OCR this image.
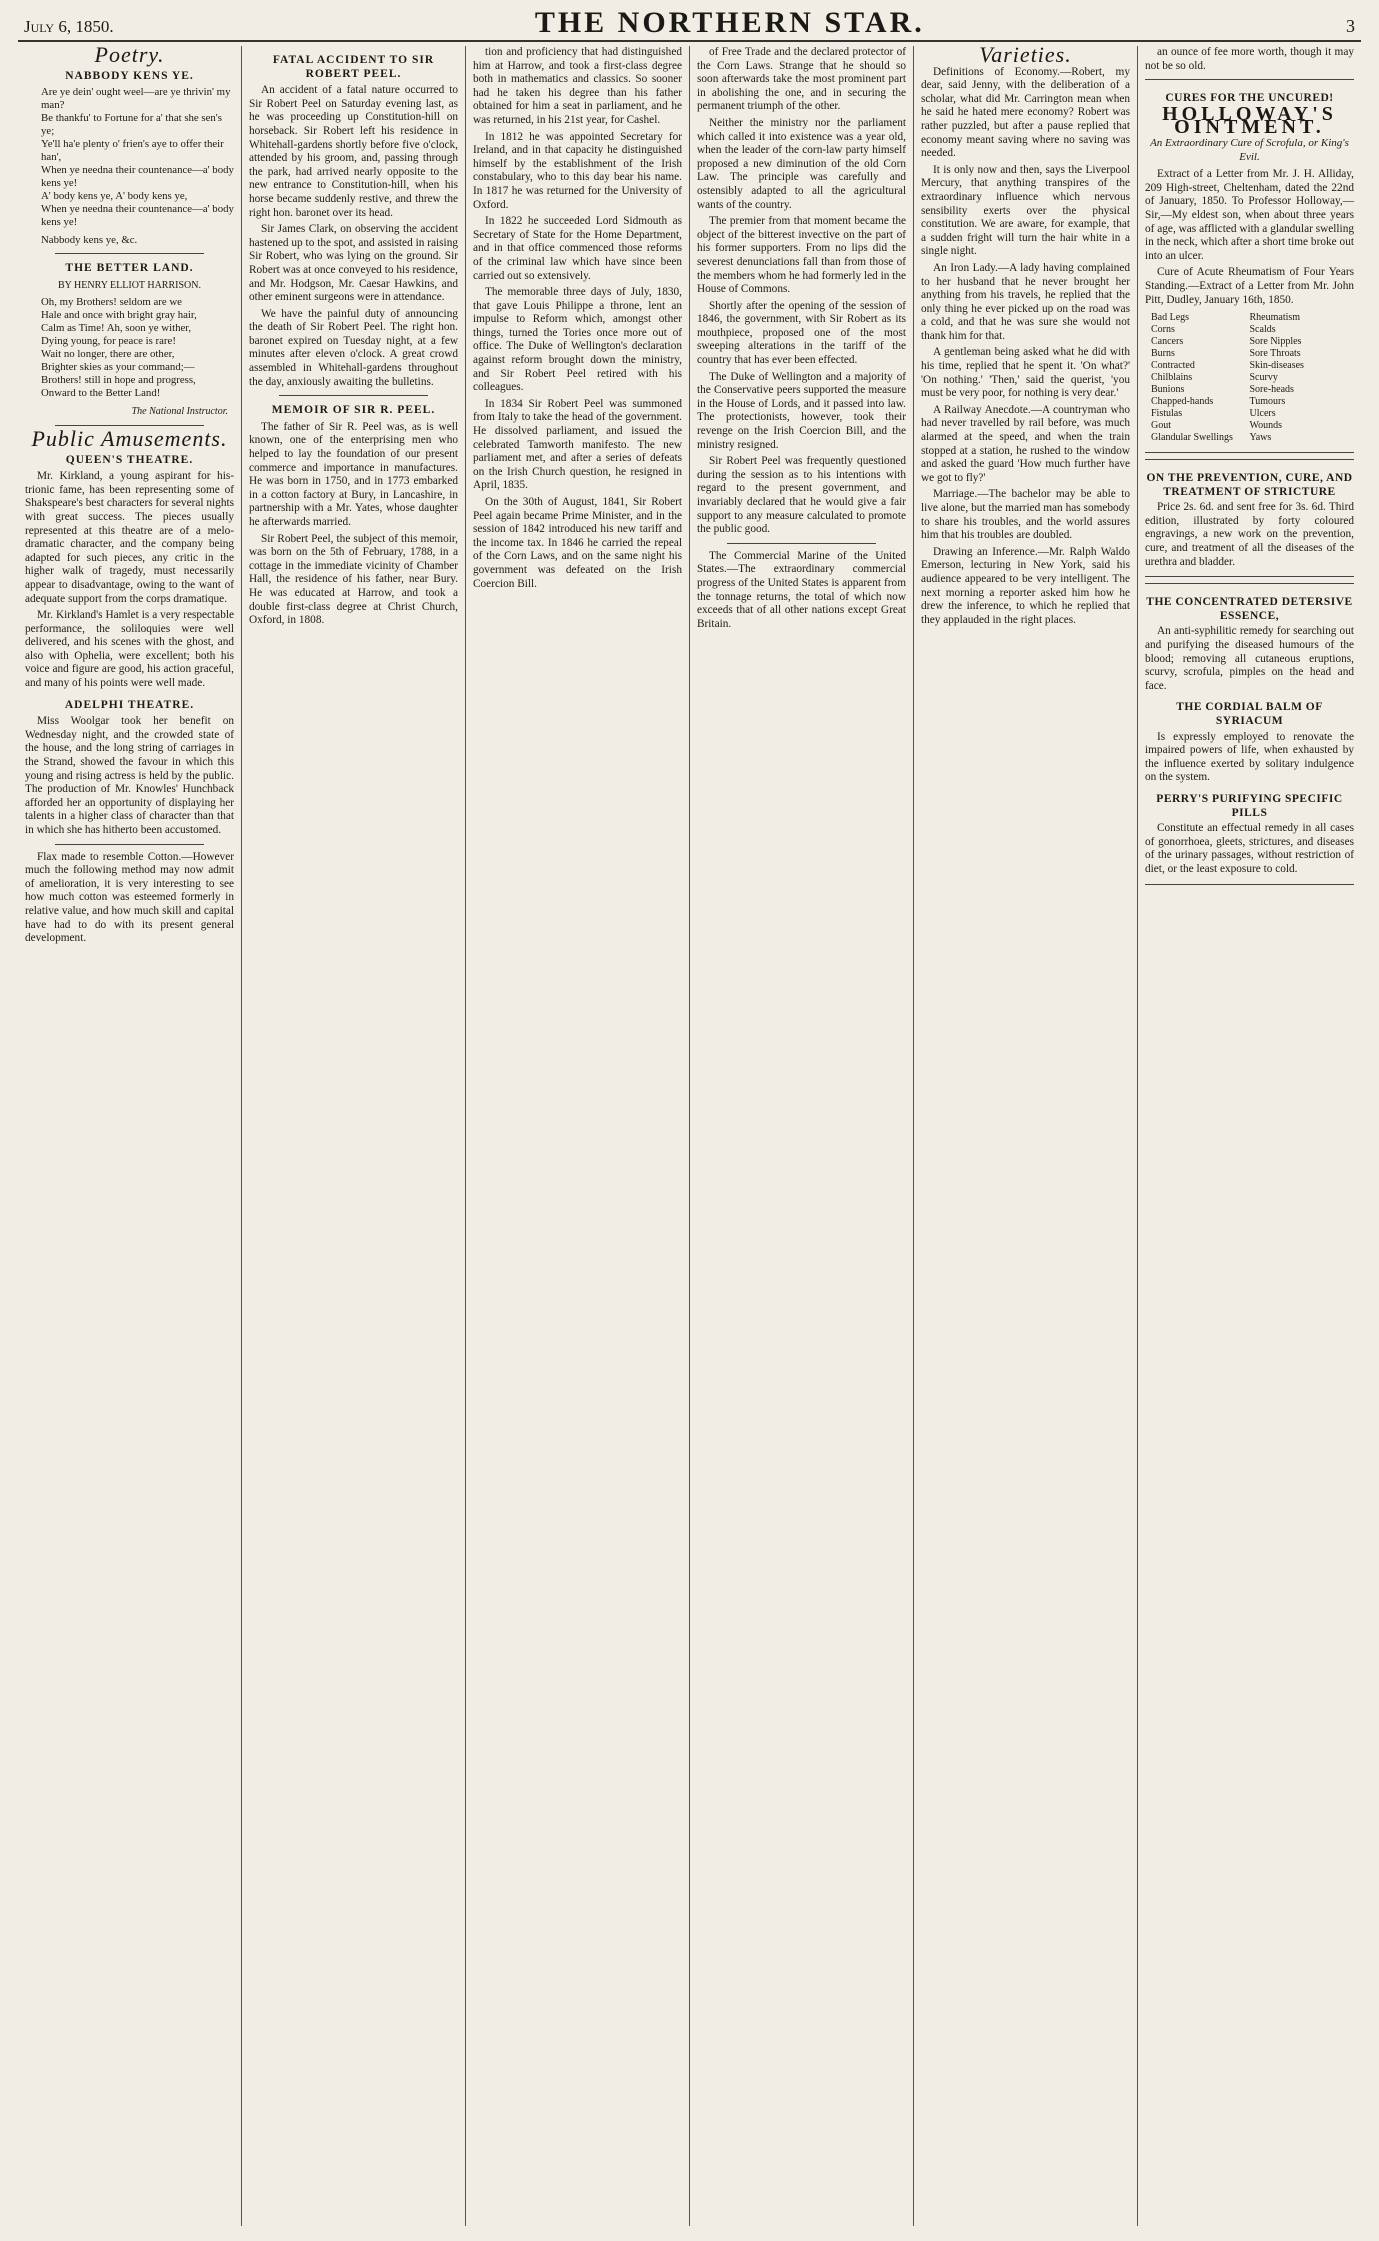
July 6, 1850.	THE NORTHERN STAR.	3
Poetry.
NABBODY KENS YE.
Are ye dein' ought weel—are ye thrivin' my man?
Be thankfu' to Fortune for a' that she sen's ye;
Ye'll ha'e plenty o' frien's aye to offer their han',
When ye needna their countenance—a' body kens ye!
A' body kens ye, A' body kens ye,
When ye needna their countenance—a' body kens ye!
Nabbody kens ye, &c.
THE BETTER LAND.
BY HENRY ELLIOT HARRISON.
Oh, my Brothers! seldom are we
Hale and once with bright gray hair,
Calm as Time! Ah, soon ye wither,
Dying young, for peace is rare!
Wait no longer, there are other,
Brighter skies as your command;—
Brothers! still in hope and progress,
Onward to the Better Land!
The National Instructor.
Public Amusements.
QUEEN'S THEATRE.

Mr. Kirkland, a young aspirant for his-trionic fame, has been representing some of Shakspeare's best characters for several nights with great success. The pieces usually represented at this theatre are of a melo-dramatic character, and the company being adapted for such pieces, any critic in the higher walk of tragedy, must necessarily appear to disadvantage, owing to the want of adequate support from the corps dramatique.

Mr. Kirkland's Hamlet is a very respectable performance, the soliloquies were well delivered, and his scenes with the ghost, and also with Ophelia, were excellent; both his voice and figure are good, his action graceful, and many of his points were well made.

ADELPHI THEATRE.

Miss Woolgar took her benefit on Wednesday night, and the crowded state of the house, and the long string of carriages in the Strand, showed the favour in which this young and rising actress is held by the public. The production of Mr. Knowles' Hunchback afforded her an opportunity of displaying her talents in a higher class of character than that in which she has hitherto been accustomed.

Flax made to resemble Cotton.—However much the following method may now admit of amelioration, it is very interesting to see how much cotton was esteemed formerly in relative value, and how much skill and capital have had to do with its present general development.

FATAL ACCIDENT TO SIR ROBERT PEEL.

An accident of a fatal nature occurred to Sir Robert Peel on Saturday evening last, as he was proceeding up Constitution-hill on horseback. Sir Robert left his residence in Whitehall-gardens shortly before five o'clock, attended by his groom, and, passing through the park, had arrived nearly opposite to the new entrance to Constitution-hill, when his horse became suddenly restive, and threw the right hon. baronet over its head.

Sir James Clark, on observing the accident hastened up to the spot, and assisted in raising Sir Robert, who was lying on the ground. Sir Robert was at once conveyed to his residence, and Mr. Hodgson, Mr. Caesar Hawkins, and other eminent surgeons were in attendance.

We have the painful duty of announcing the death of Sir Robert Peel. The right hon. baronet expired on Tuesday night, at a few minutes after eleven o'clock. A great crowd assembled in Whitehall-gardens throughout the day, anxiously awaiting the bulletins.

MEMOIR OF SIR R. PEEL.

The father of Sir R. Peel was, as is well known, one of the enterprising men who helped to lay the foundation of our present commerce and importance in manufactures. He was born in 1750, and in 1773 embarked in a cotton factory at Bury, in Lancashire, in partnership with a Mr. Yates, whose daughter he afterwards married.

Sir Robert Peel, the subject of this memoir, was born on the 5th of February, 1788, in a cottage in the immediate vicinity of Chamber Hall, the residence of his father, near Bury. He was educated at Harrow, and took a double first-class degree at Christ Church, Oxford, in 1808.

tion and proficiency that had distinguished him at Harrow, and took a first-class degree both in mathematics and classics. So sooner had he taken his degree than his father obtained for him a seat in parliament, and he was returned, in his 21st year, for Cashel.

In 1812 he was appointed Secretary for Ireland, and in that capacity he distinguished himself by the establishment of the Irish constabulary, who to this day bear his name. In 1817 he was returned for the University of Oxford.

In 1822 he succeeded Lord Sidmouth as Secretary of State for the Home Department, and in that office commenced those reforms of the criminal law which have since been carried out so extensively.

The memorable three days of July, 1830, that gave Louis Philippe a throne, lent an impulse to Reform which, amongst other things, turned the Tories once more out of office. The Duke of Wellington's declaration against reform brought down the ministry, and Sir Robert Peel retired with his colleagues.

In 1834 Sir Robert Peel was summoned from Italy to take the head of the government. He dissolved parliament, and issued the celebrated Tamworth manifesto. The new parliament met, and after a series of defeats on the Irish Church question, he resigned in April, 1835.

On the 30th of August, 1841, Sir Robert Peel again became Prime Minister, and in the session of 1842 introduced his new tariff and the income tax. In 1846 he carried the repeal of the Corn Laws, and on the same night his government was defeated on the Irish Coercion Bill.

of Free Trade and the declared protector of the Corn Laws. Strange that he should so soon afterwards take the most prominent part in abolishing the one, and in securing the permanent triumph of the other.

Neither the ministry nor the parliament which called it into existence was a year old, when the leader of the corn-law party himself proposed a new diminution of the old Corn Law. The principle was carefully and ostensibly adapted to all the agricultural wants of the country.

The premier from that moment became the object of the bitterest invective on the part of his former supporters. From no lips did the severest denunciations fall than from those of the members whom he had formerly led in the House of Commons.

Shortly after the opening of the session of 1846, the government, with Sir Robert as its mouthpiece, proposed one of the most sweeping alterations in the tariff of the country that has ever been effected.

The Duke of Wellington and a majority of the Conservative peers supported the measure in the House of Lords, and it passed into law. The protectionists, however, took their revenge on the Irish Coercion Bill, and the ministry resigned.

Sir Robert Peel was frequently questioned during the session as to his intentions with regard to the present government, and invariably declared that he would give a fair support to any measure calculated to promote the public good.

The Commercial Marine of the United States.—The extraordinary commercial progress of the United States is apparent from the tonnage returns, the total of which now exceeds that of all other nations except Great Britain.

Varieties.

Definitions of Economy.—Robert, my dear, said Jenny, with the deliberation of a scholar, what did Mr. Carrington mean when he said he hated mere economy? Robert was rather puzzled, but after a pause replied that economy meant saving where no saving was needed.

It is only now and then, says the Liverpool Mercury, that anything transpires of the extraordinary influence which nervous sensibility exerts over the physical constitution. We are aware, for example, that a sudden fright will turn the hair white in a single night.

An Iron Lady.—A lady having complained to her husband that he never brought her anything from his travels, he replied that the only thing he ever picked up on the road was a cold, and that he was sure she would not thank him for that.

A gentleman being asked what he did with his time, replied that he spent it. 'On what?' 'On nothing.' 'Then,' said the querist, 'you must be very poor, for nothing is very dear.'

A Railway Anecdote.—A countryman who had never travelled by rail before, was much alarmed at the speed, and when the train stopped at a station, he rushed to the window and asked the guard 'How much further have we got to fly?'

Marriage.—The bachelor may be able to live alone, but the married man has somebody to share his troubles, and the world assures him that his troubles are doubled.

Drawing an Inference.—Mr. Ralph Waldo Emerson, lecturing in New York, said his audience appeared to be very intelligent. The next morning a reporter asked him how he drew the inference, to which he replied that they applauded in the right places.

an ounce of fee more worth, though it may not be so old.

CURES FOR THE UNCURED!
HOLLOWAY'S OINTMENT.
An Extraordinary Cure of Scrofula, or King's Evil.

Extract of a Letter from Mr. J. H. Alliday, 209 High-street, Cheltenham, dated the 22nd of January, 1850. To Professor Holloway,—Sir,—My eldest son, when about three years of age, was afflicted with a glandular swelling in the neck, which after a short time broke out into an ulcer.

Cure of Acute Rheumatism of Four Years Standing.—Extract of a Letter from Mr. John Pitt, Dudley, January 16th, 1850.

Bad Legs	Rheumatism
Corns	Scalds
Cancers	Sore Nipples
Burns	Sore Throats
Contracted	Skin-diseases
Chilblains	Scurvy
Bunions	Sore-heads
Chapped-hands	Tumours
Fistulas	Ulcers
Gout	Wounds
Glandular Swellings	Yaws
ON THE PREVENTION, CURE, AND TREATMENT OF STRICTURE

Price 2s. 6d. and sent free for 3s. 6d. Third edition, illustrated by forty coloured engravings, a new work on the prevention, cure, and treatment of all the diseases of the urethra and bladder.

THE CONCENTRATED DETERSIVE ESSENCE,

An anti-syphilitic remedy for searching out and purifying the diseased humours of the blood; removing all cutaneous eruptions, scurvy, scrofula, pimples on the head and face.

THE CORDIAL BALM OF SYRIACUM

Is expressly employed to renovate the impaired powers of life, when exhausted by the influence exerted by solitary indulgence on the system.

PERRY'S PURIFYING SPECIFIC PILLS

Constitute an effectual remedy in all cases of gonorrhoea, gleets, strictures, and diseases of the urinary passages, without restriction of diet, or the least exposure to cold.
